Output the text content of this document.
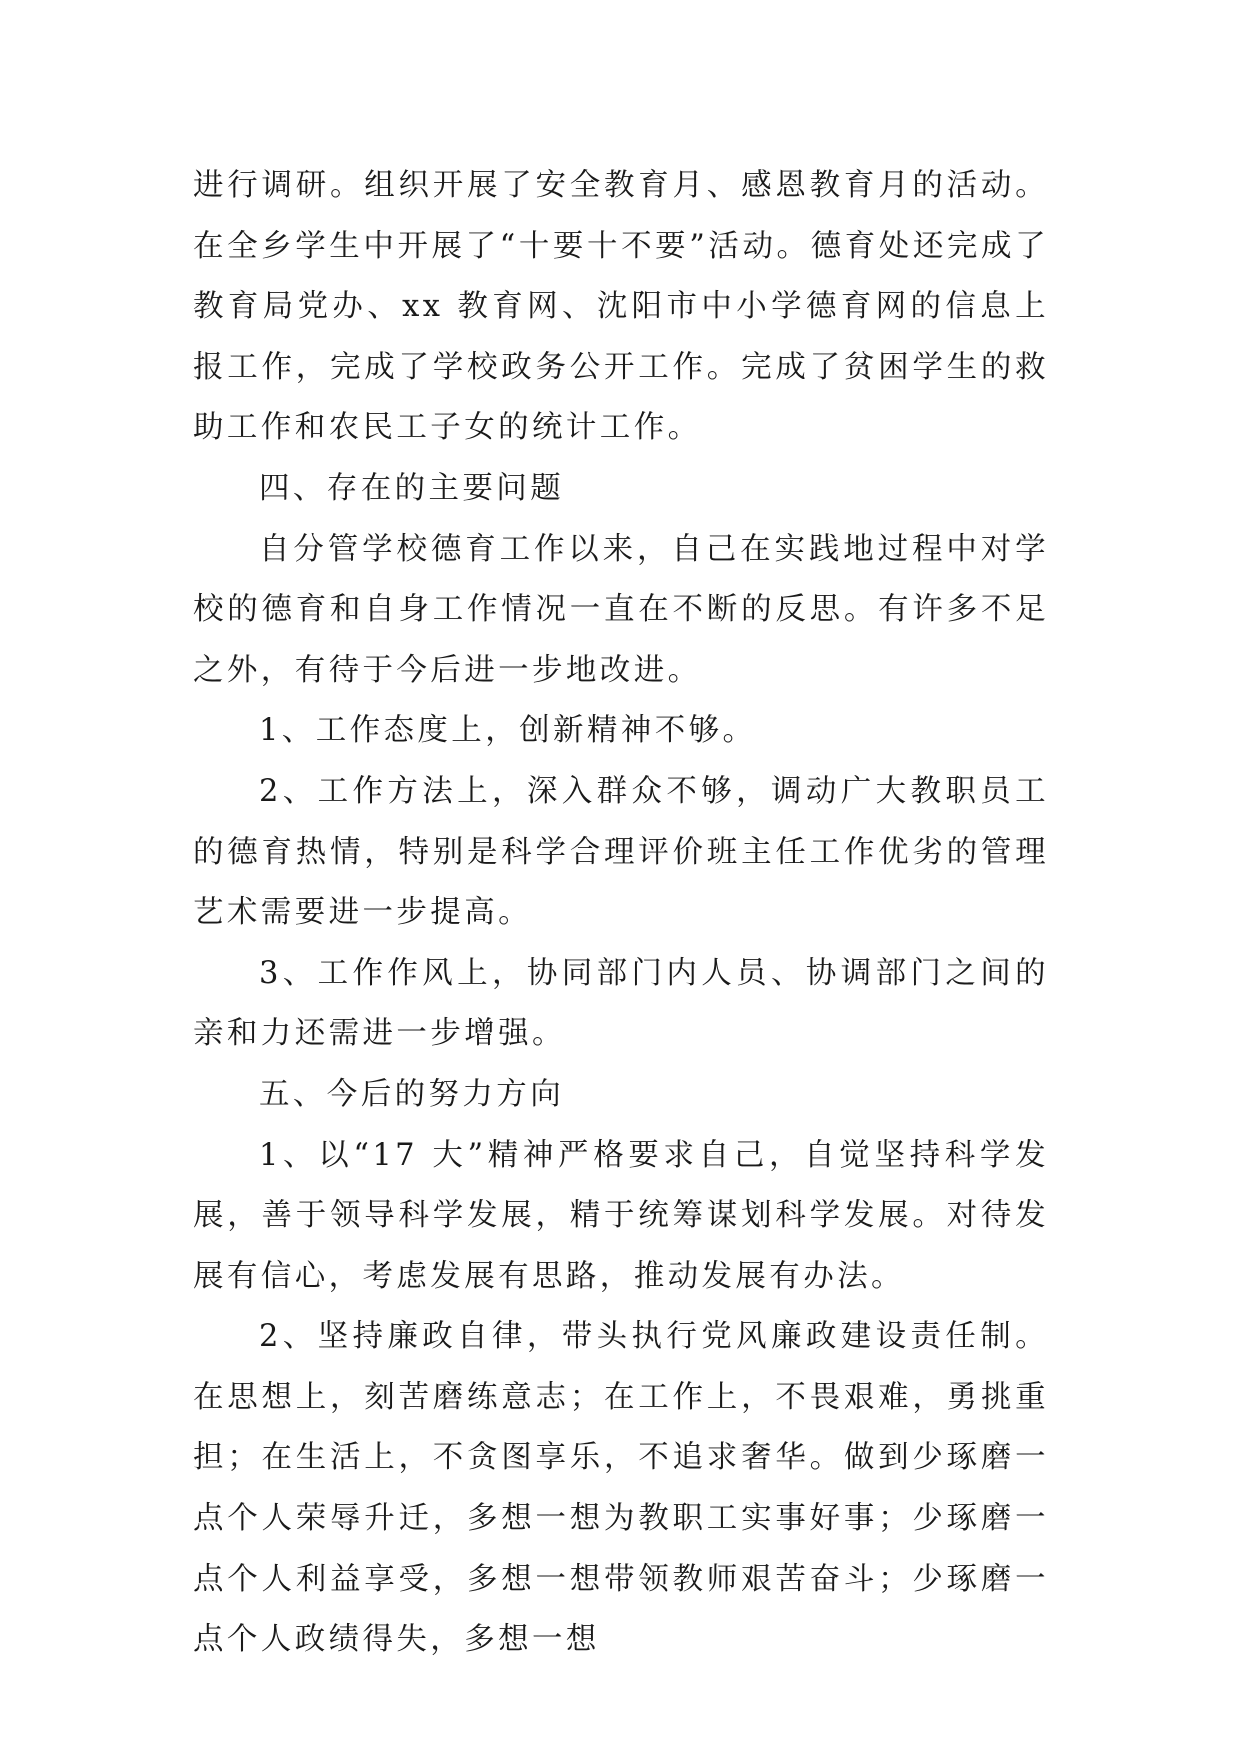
进行调研。组织开展了安全教育月、感恩教育月的活动。在全乡学生中开展了“十要十不要”活动。德育处还完成了教育局党办、xx 教育网、沈阳市中小学德育网的信息上报工作，完成了学校政务公开工作。完成了贫困学生的救助工作和农民工子女的统计工作。

四、存在的主要问题

自分管学校德育工作以来，自己在实践地过程中对学校的德育和自身工作情况一直在不断的反思。有许多不足之外，有待于今后进一步地改进。

1、工作态度上，创新精神不够。

2、工作方法上，深入群众不够，调动广大教职员工的德育热情，特别是科学合理评价班主任工作优劣的管理艺术需要进一步提高。

3、工作作风上，协同部门内人员、协调部门之间的亲和力还需进一步增强。

五、今后的努力方向

1、以“17 大”精神严格要求自己，自觉坚持科学发展，善于领导科学发展，精于统筹谋划科学发展。对待发展有信心，考虑发展有思路，推动发展有办法。

2、坚持廉政自律，带头执行党风廉政建设责任制。在思想上，刻苦磨练意志；在工作上，不畏艰难，勇挑重担；在生活上，不贪图享乐，不追求奢华。做到少琢磨一点个人荣辱升迁，多想一想为教职工实事好事；少琢磨一点个人利益享受，多想一想带领教师艰苦奋斗；少琢磨一点个人政绩得失，多想一想
